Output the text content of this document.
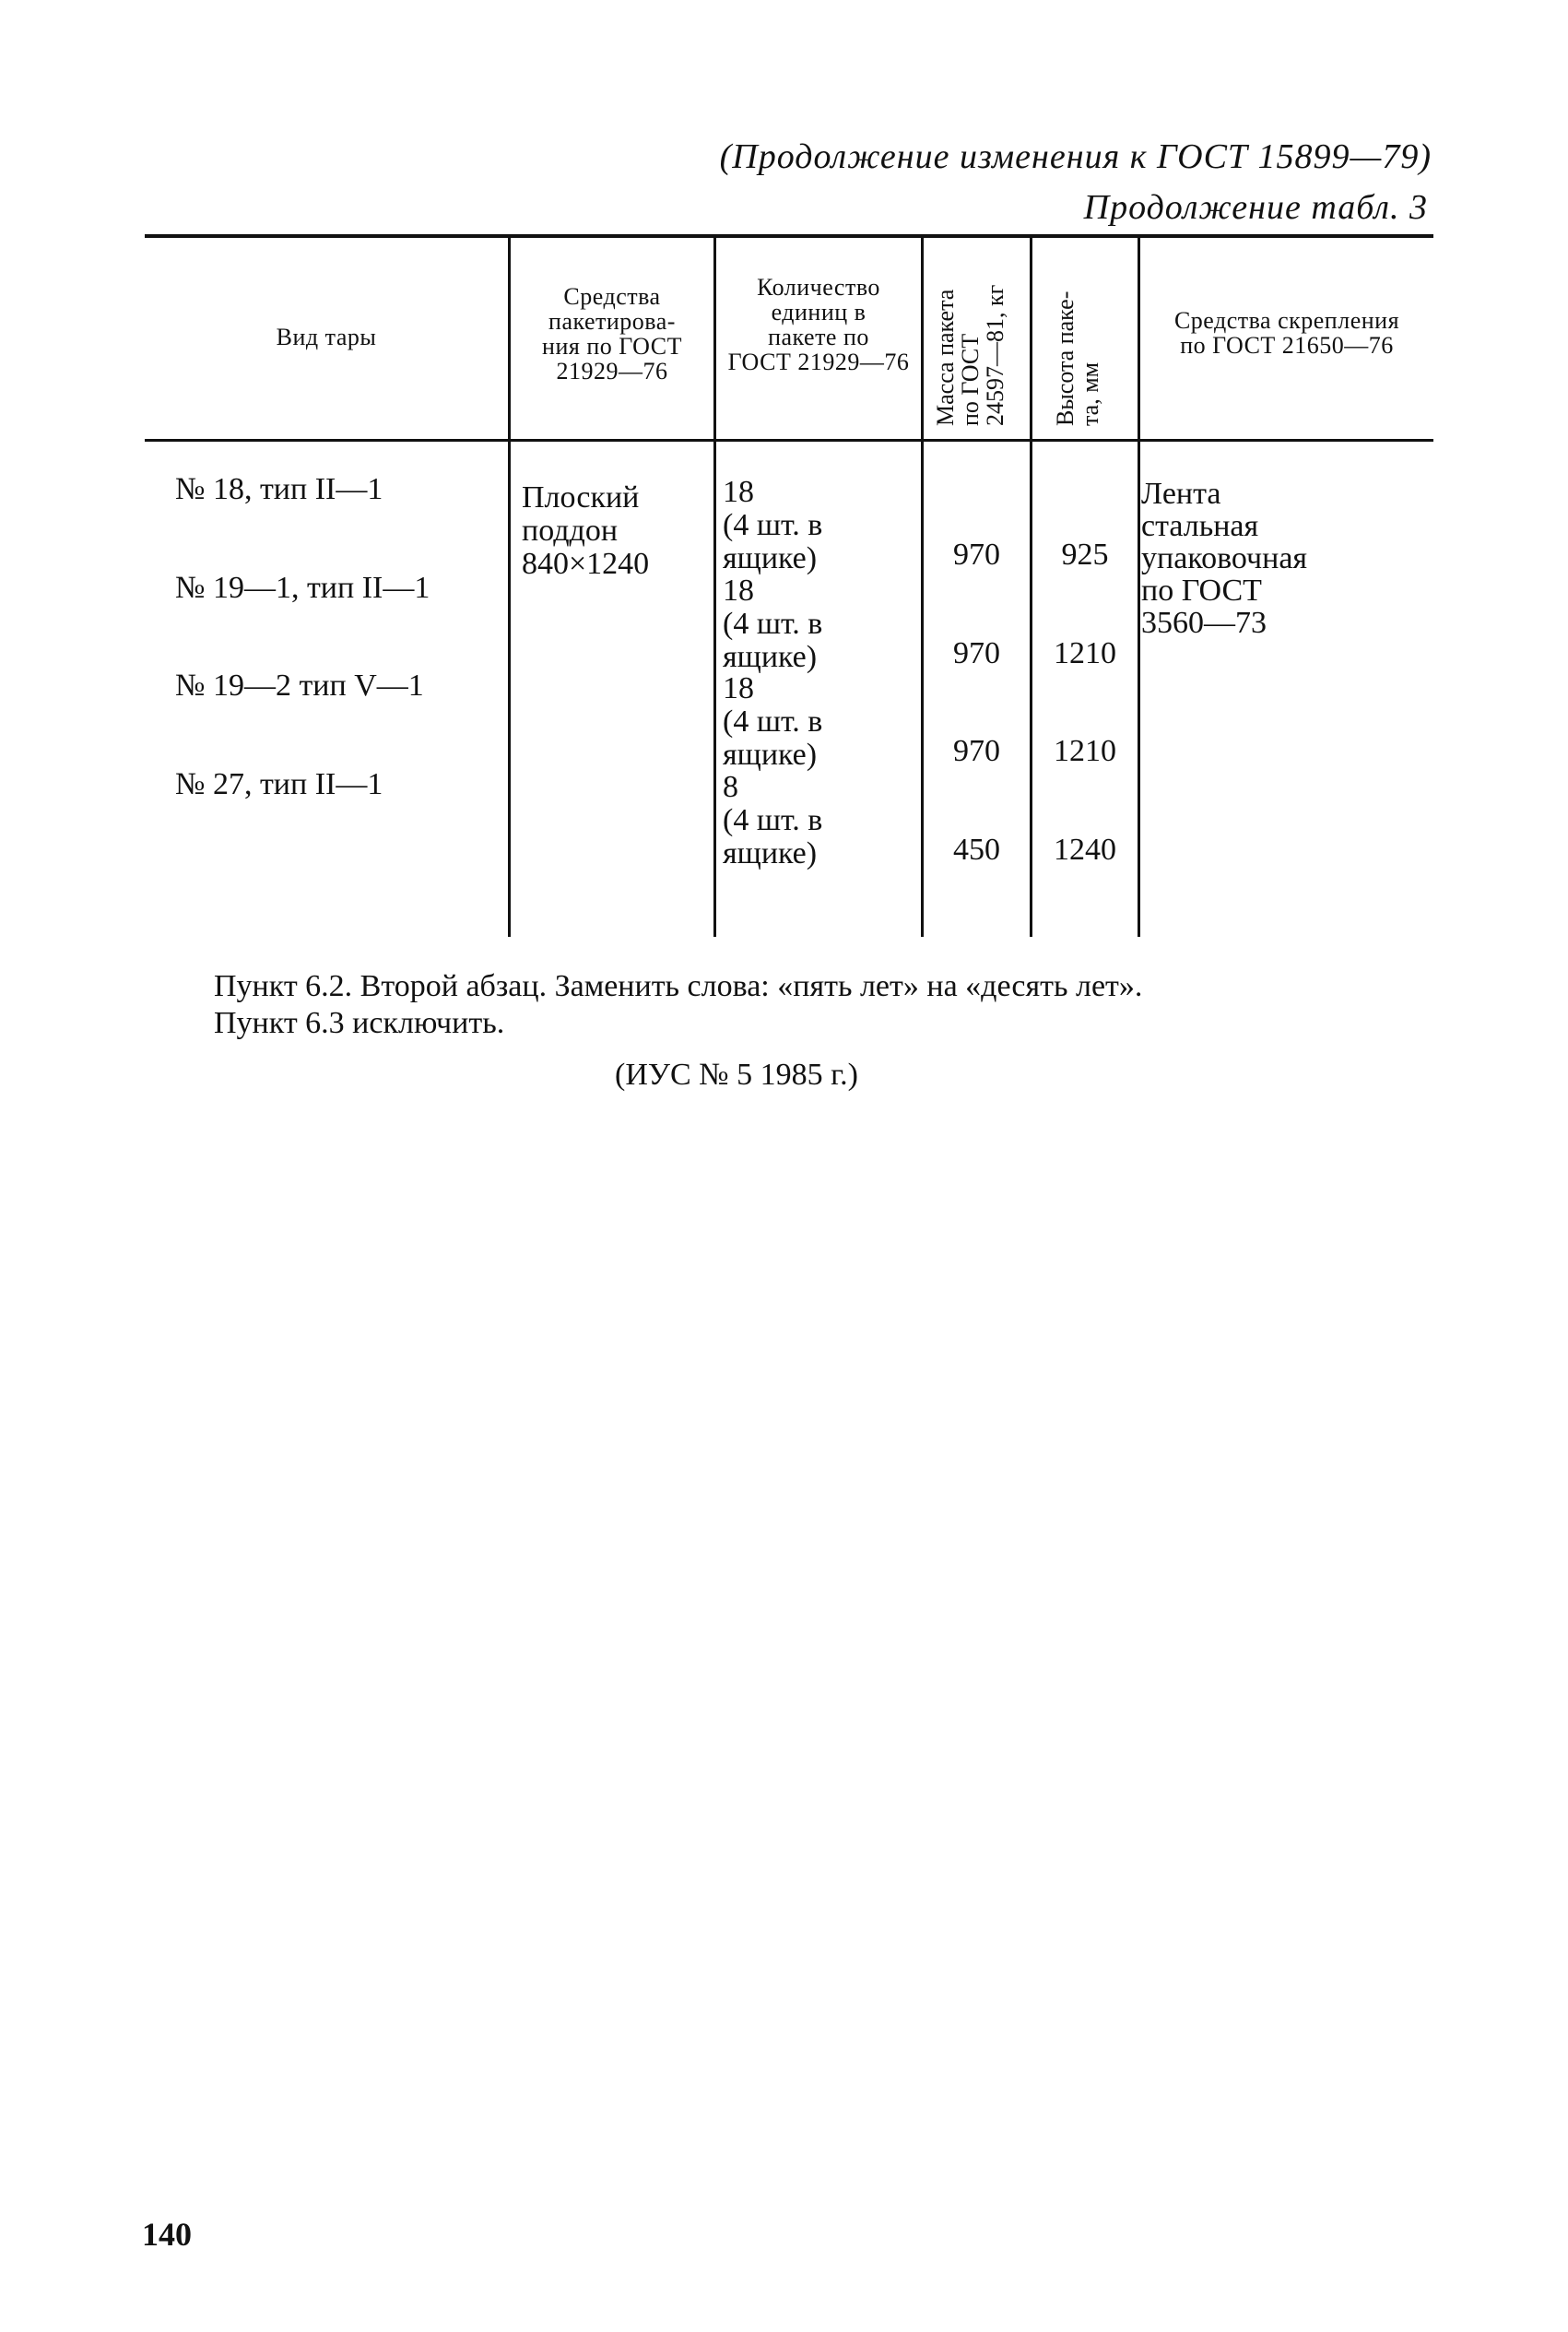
(Продолжение изменения к ГОСТ 15899—79)
Продолжение табл. 3
Вид тары
Средства пакетирова-
ния по ГОСТ
21929—76
Количество
единиц в
пакете по
ГОСТ 21929—76 Масса пакета
по ГОСТ
24597—81, кг
Высота паке-
та, мм
Средства скрепления
по ГОСТ 21650—76
№ 18, тип II—1
№ 19—1, тип II—1
№ 19—2 тип V—1
№ 27, тип II—1
Плоский
поддон
840×1240
18
(4 шт. в
ящике)
18
(4 шт. в
ящике)
18
(4 шт. в
ящике)
8
(4 шт. в
ящике)
970
970
970
450
925
1210
1210
1240
Лента
стальная
упаковочная
по ГОСТ
3560—73
Пункт 6.2. Второй абзац. Заменить слова: «пять лет» на «десять лет».
Пункт 6.3 исключить.
(ИУС № 5 1985 г.)
140
